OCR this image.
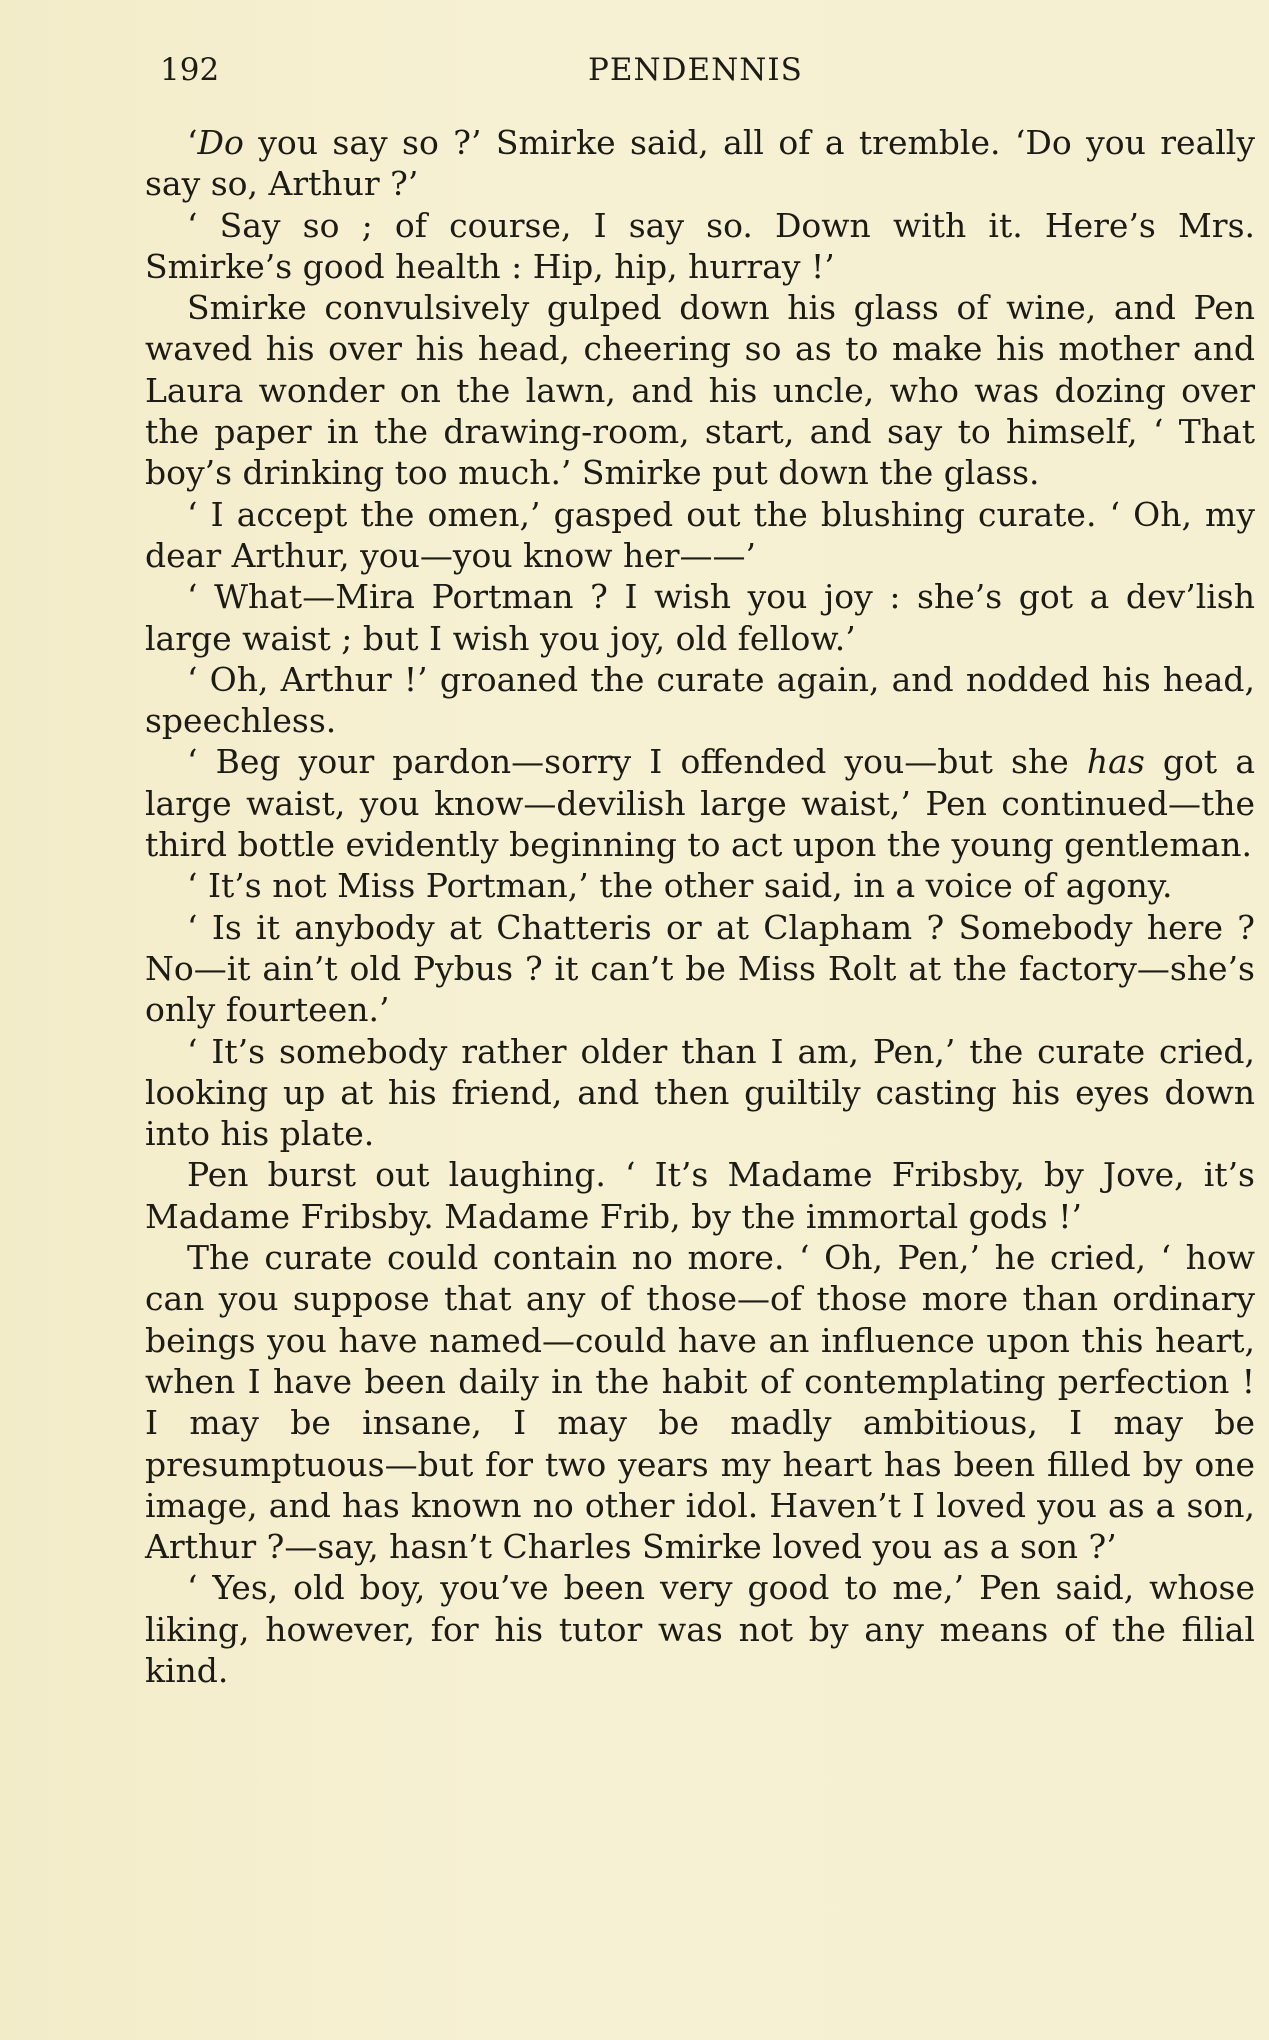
192	PENDENNIS

‘Do you say so ?’ Smirke said, all of a tremble. ‘Do you really say so, Arthur ?’

‘ Say so ; of course, I say so. Down with it. Here’s Mrs. Smirke’s good health : Hip, hip, hurray !’

Smirke convulsively gulped down his glass of wine, and Pen waved his over his head, cheering so as to make his mother and Laura wonder on the lawn, and his uncle, who was dozing over the paper in the drawing-room, start, and say to himself, ‘ That boy’s drinking too much.’ Smirke put down the glass.

‘ I accept the omen,’ gasped out the blushing curate. ‘ Oh, my dear Arthur, you—you know her——’

‘ What—Mira Portman ? I wish you joy : she’s got a dev’lish large waist ; but I wish you joy, old fellow.’

‘ Oh, Arthur !’ groaned the curate again, and nodded his head, speechless.

‘ Beg your pardon—sorry I offended you—but she has got a large waist, you know—devilish large waist,’ Pen continued—the third bottle evidently beginning to act upon the young gentleman.

‘ It’s not Miss Portman,’ the other said, in a voice of agony.

‘ Is it anybody at Chatteris or at Clapham ? Somebody here ? No—it ain’t old Pybus ? it can’t be Miss Rolt at the factory—she’s only fourteen.’

‘ It’s somebody rather older than I am, Pen,’ the curate cried, looking up at his friend, and then guiltily casting his eyes down into his plate.

Pen burst out laughing. ‘ It’s Madame Fribsby, by Jove, it’s Madame Fribsby. Madame Frib, by the immortal gods !’

The curate could contain no more. ‘ Oh, Pen,’ he cried, ‘ how can you suppose that any of those—of those more than ordinary beings you have named—could have an influence upon this heart, when I have been daily in the habit of contemplating perfection ! I may be insane, I may be madly ambitious, I may be presumptuous—but for two years my heart has been filled by one image, and has known no other idol. Haven’t I loved you as a son, Arthur ?—say, hasn’t Charles Smirke loved you as a son ?’

‘ Yes, old boy, you’ve been very good to me,’ Pen said, whose liking, however, for his tutor was not by any means of the filial kind.
